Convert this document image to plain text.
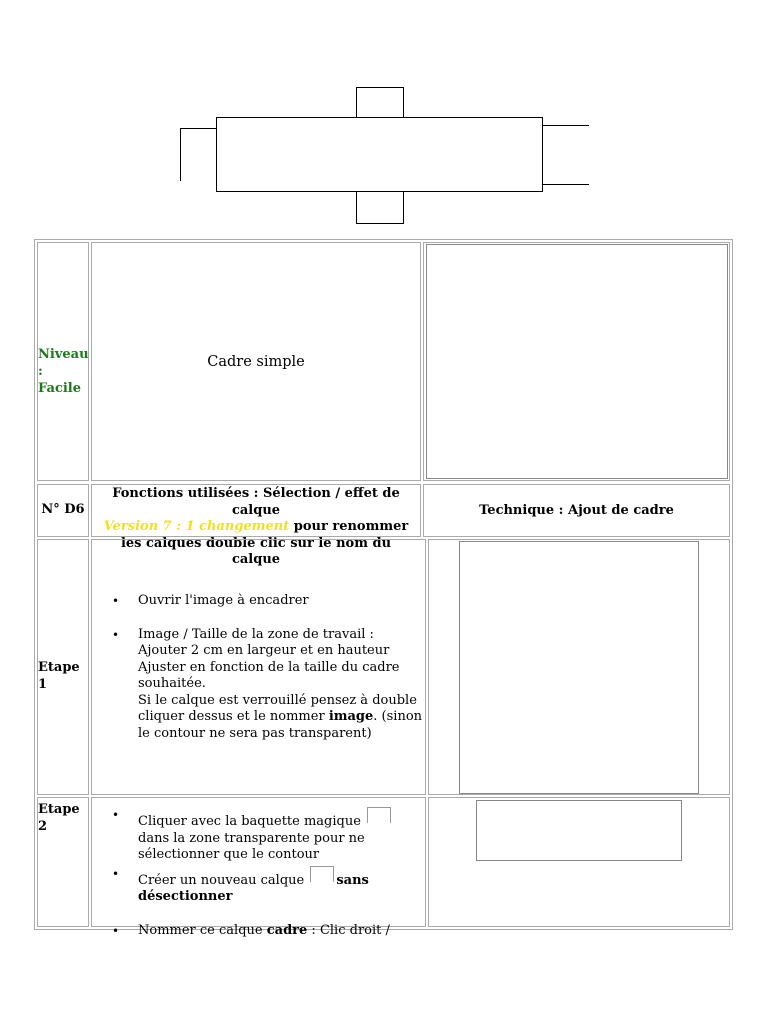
Niveau : Facile
Cadre simple
N° D6
Fonctions utilisées : Sélection / effet de calque
Version 7 : 1 changement pour renommer les calques double clic sur le nom du calque
Technique : Ajout de cadre
Etape 1
• Ouvrir l'image à encadrer
• Image / Taille de la zone de travail : Ajouter 2 cm en largeur et en hauteur
Ajuster en fonction de la taille du cadre souhaitée.
Si le calque est verrouillé pensez à double cliquer dessus et le nommer image. (sinon le contour ne sera pas transparent)
Etape 2
•	Cliquer avec la baquette magique  dans la zone transparente pour ne sélectionner que le contour
• Créer un nouveau calque sans désectionner
• Nommer ce calque cadre : Clic droit /
